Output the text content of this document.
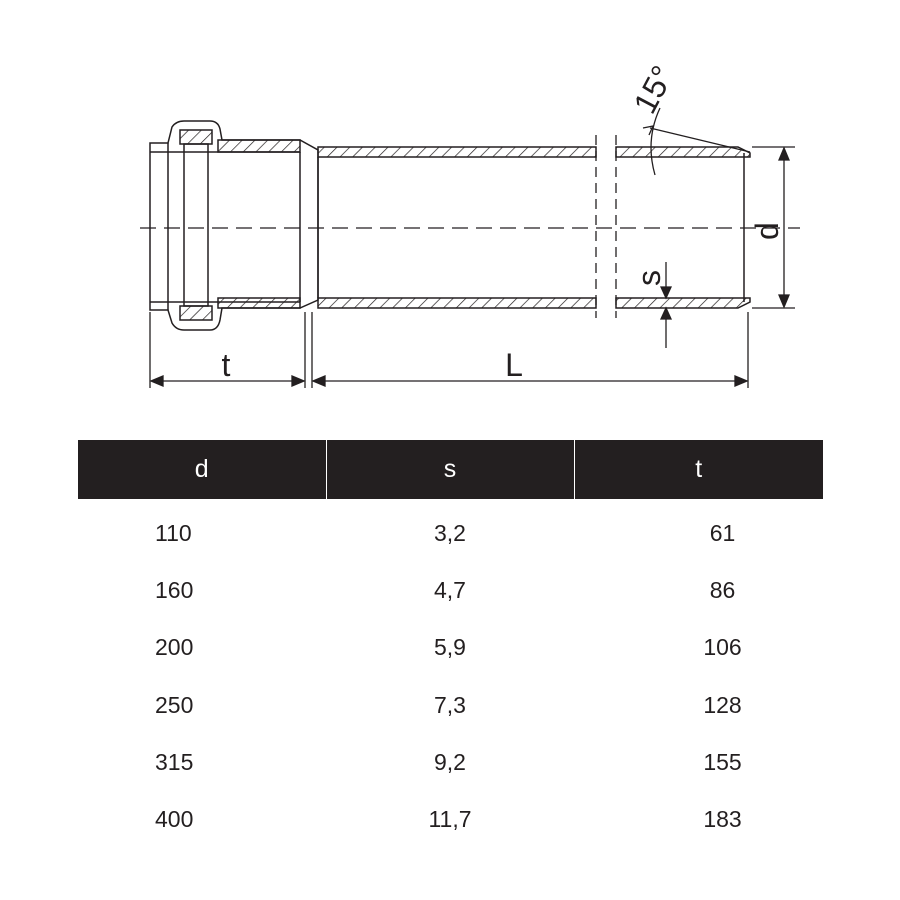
15°
d
s
t	L
d	s	t
110	3,2	61
160	4,7	86
200	5,9	106
250	7,3	128
315	9,2	155
400	11,7	183
